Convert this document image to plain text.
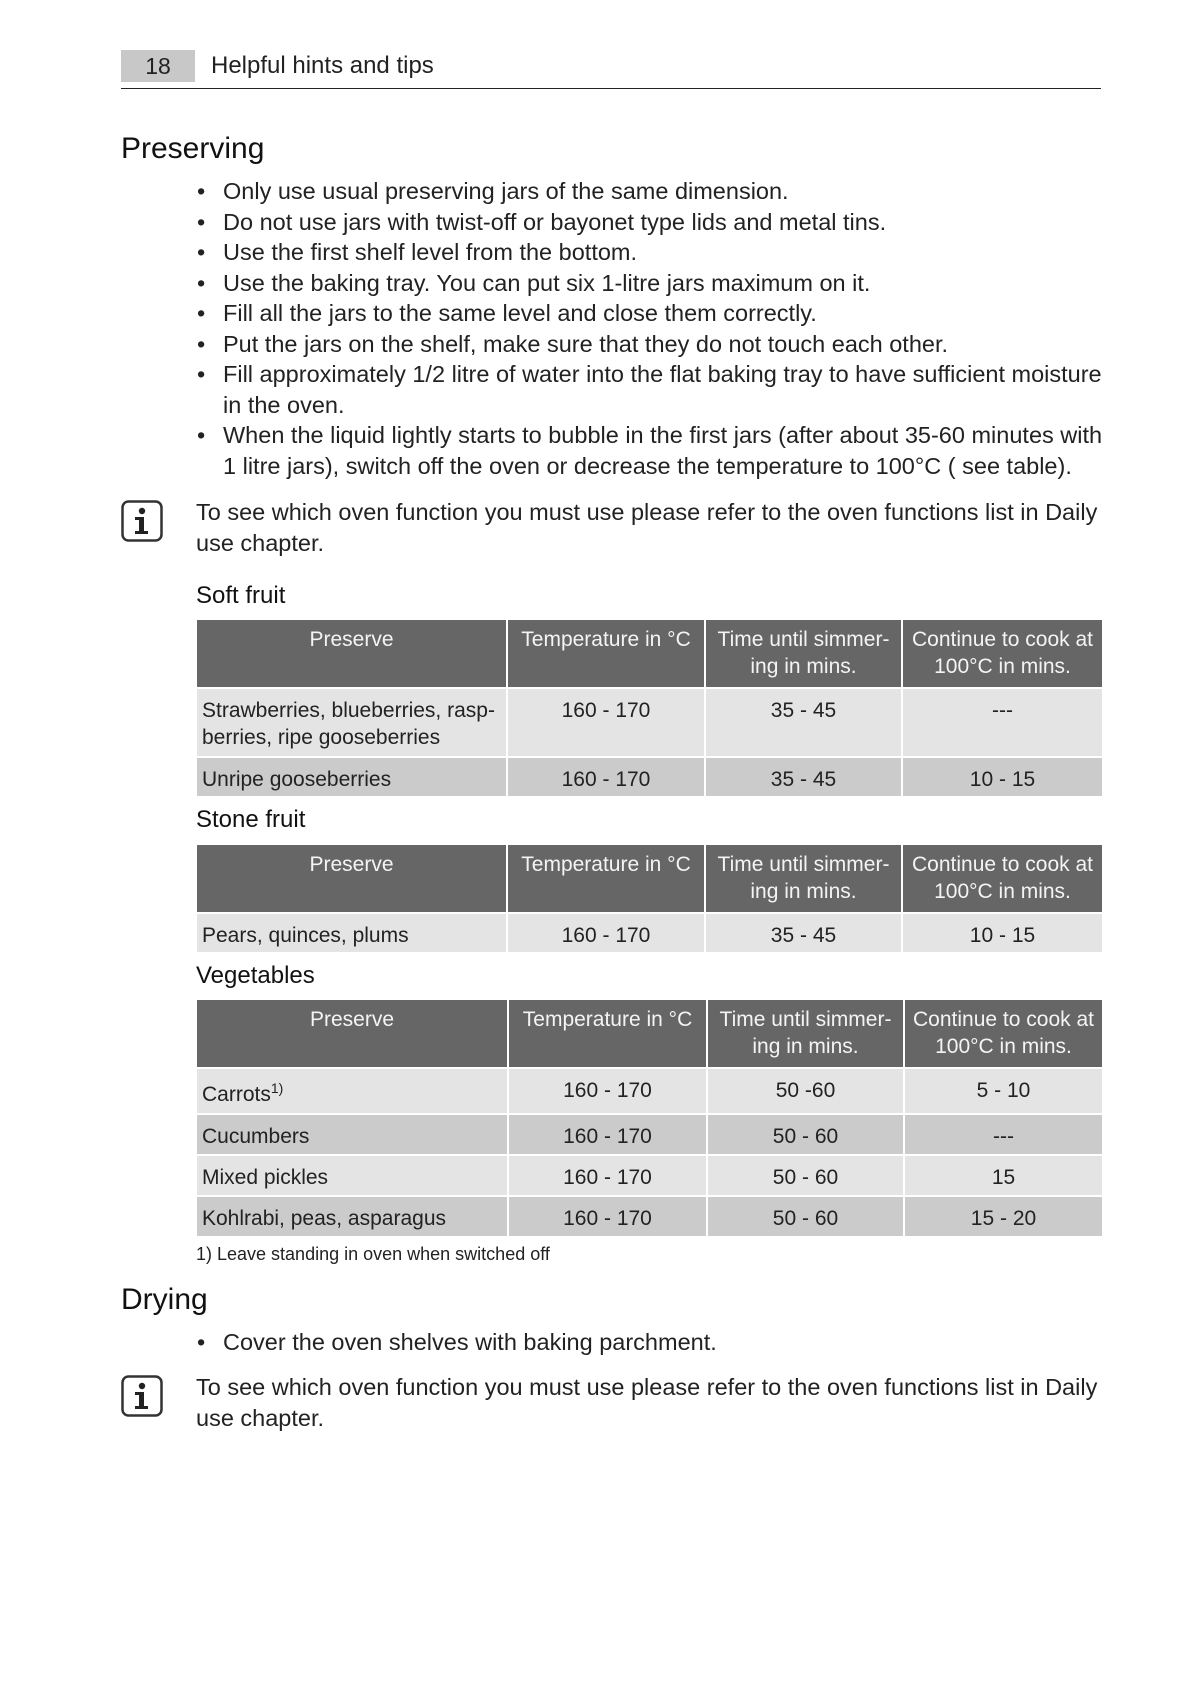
18	Helpful hints and tips
Preserving
• Only use usual preserving jars of the same dimension.
• Do not use jars with twist-off or bayonet type lids and metal tins.
• Use the first shelf level from the bottom.
• Use the baking tray. You can put six 1-litre jars maximum on it.
• Fill all the jars to the same level and close them correctly.
• Put the jars on the shelf, make sure that they do not touch each other.
• Fill approximately 1/2 litre of water into the flat baking tray to have sufficient moisture in the oven.
• When the liquid lightly starts to bubble in the first jars (after about 35-60 minutes with 1 litre jars), switch off the oven or decrease the temperature to 100°C ( see table).
To see which oven function you must use please refer to the oven functions list in Daily use chapter.
Soft fruit
Preserve	Temperature in °C	Time until simmer-ing in mins.	Continue to cook at 100°C in mins.
Strawberries, blueberries, rasp-berries, ripe gooseberries	160 - 170	35 - 45	---
Unripe gooseberries	160 - 170	35 - 45	10 - 15
Stone fruit
Preserve	Temperature in °C	Time until simmer-ing in mins.	Continue to cook at 100°C in mins.
Pears, quinces, plums	160 - 170	35 - 45	10 - 15
Vegetables
Preserve	Temperature in °C	Time until simmer-ing in mins.	Continue to cook at 100°C in mins.
Carrots$^{1)}$	160 - 170	50 -60	5 - 10
Cucumbers	160 - 170	50 - 60	---
Mixed pickles	160 - 170	50 - 60	15
Kohlrabi, peas, asparagus	160 - 170	50 - 60	15 - 20
1) Leave standing in oven when switched off
Drying
• Cover the oven shelves with baking parchment.
To see which oven function you must use please refer to the oven functions list in Daily use chapter.
